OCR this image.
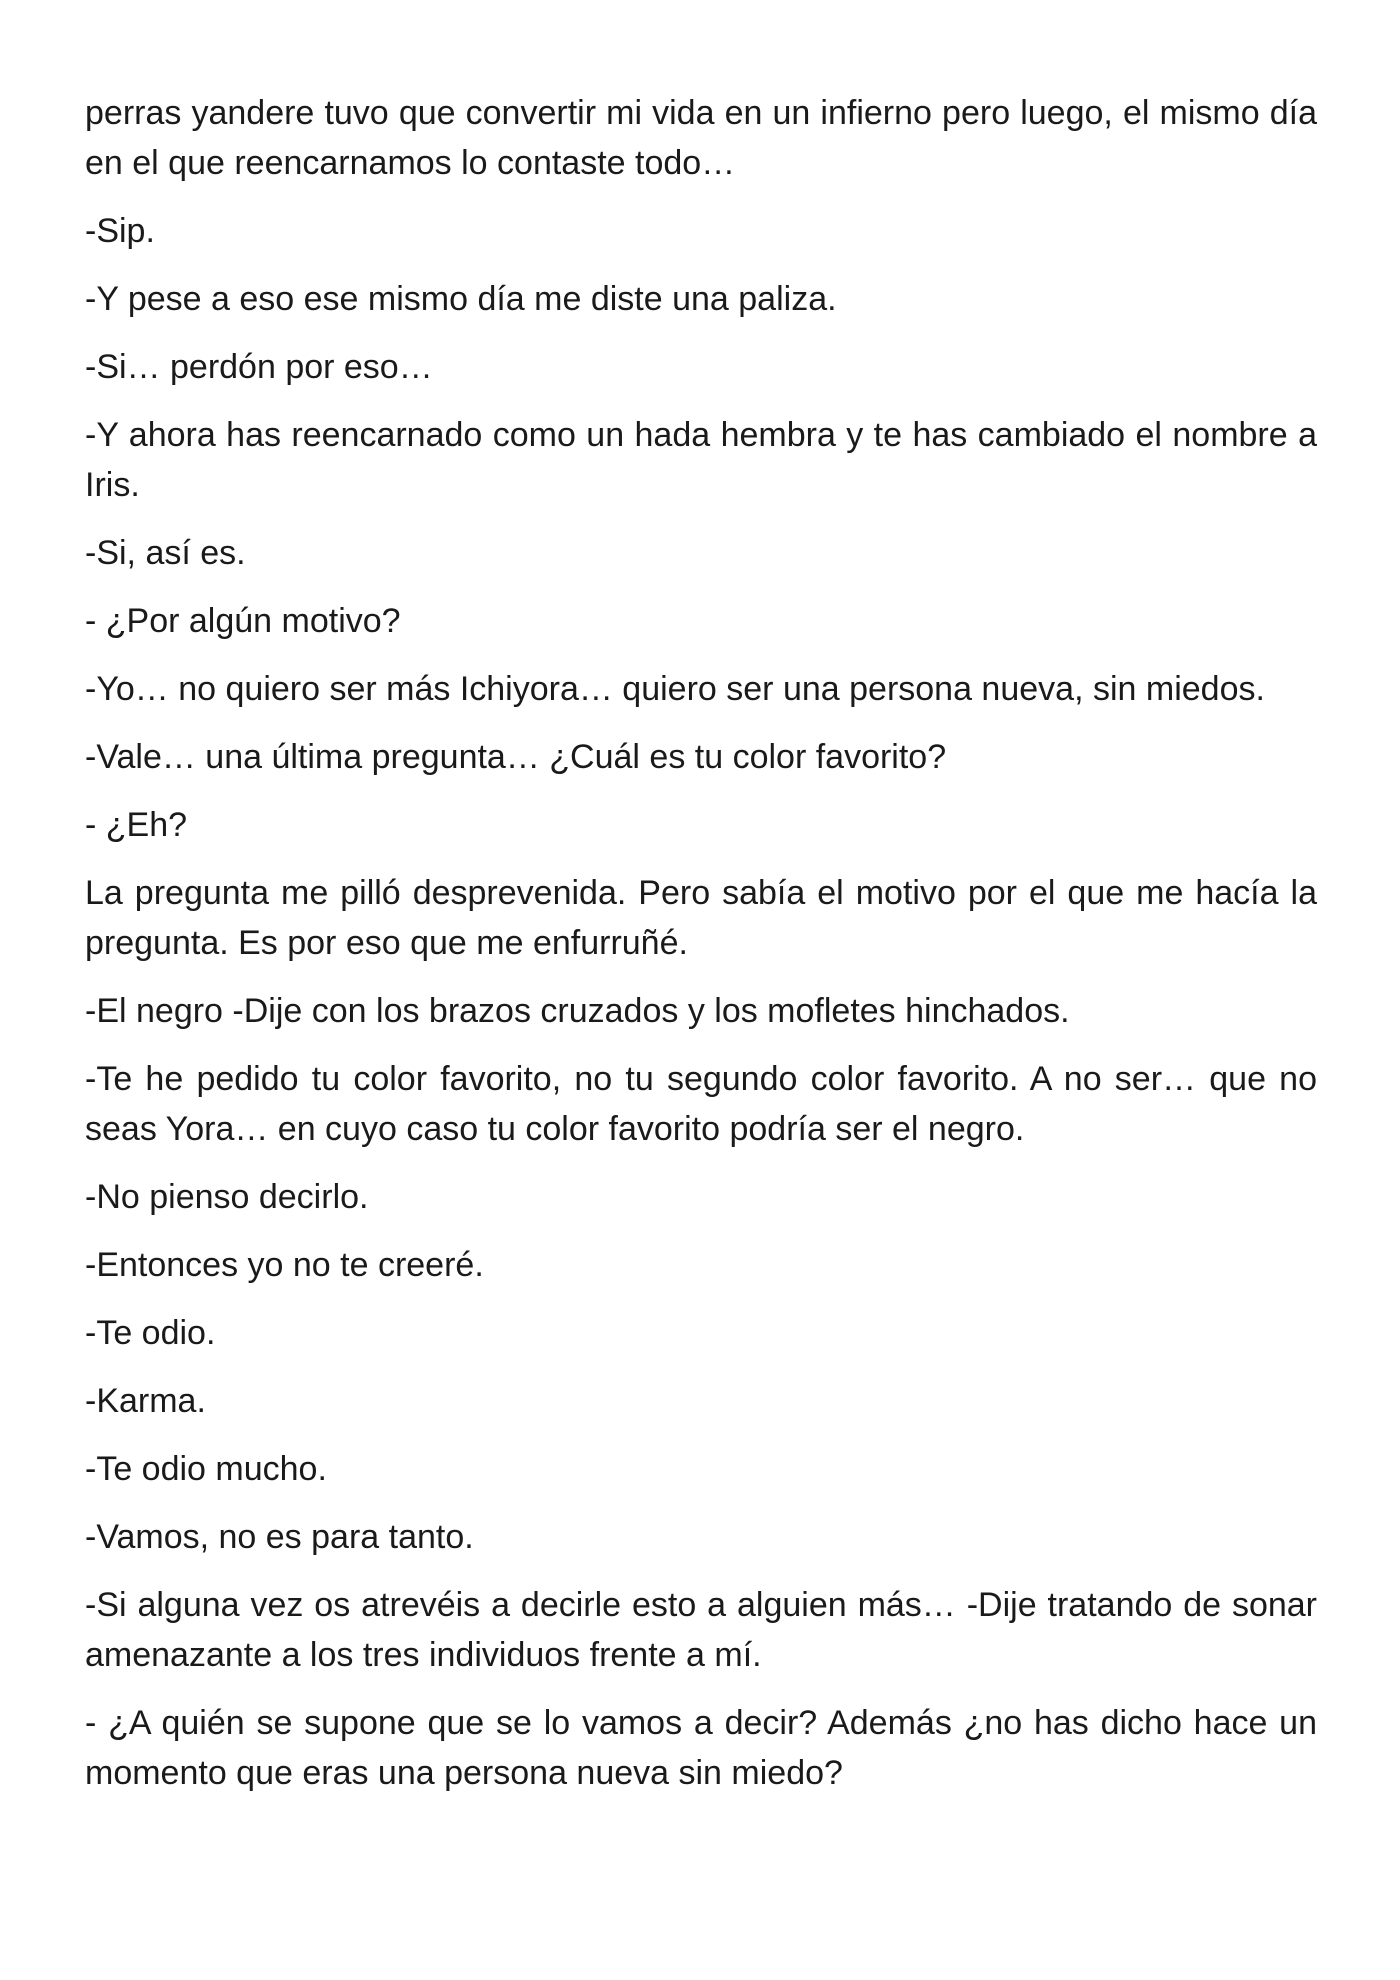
perras yandere tuvo que convertir mi vida en un infierno pero luego, el mismo día en el que reencarnamos lo contaste todo…

-Sip.

-Y pese a eso ese mismo día me diste una paliza.

-Si… perdón por eso…

-Y ahora has reencarnado como un hada hembra y te has cambiado el nombre a Iris.

-Si, así es.

- ¿Por algún motivo?

-Yo… no quiero ser más Ichiyora… quiero ser una persona nueva, sin miedos.

-Vale… una última pregunta… ¿Cuál es tu color favorito?

- ¿Eh?

La pregunta me pilló desprevenida. Pero sabía el motivo por el que me hacía la pregunta. Es por eso que me enfurruñé.

-El negro -Dije con los brazos cruzados y los mofletes hinchados.

-Te he pedido tu color favorito, no tu segundo color favorito. A no ser… que no seas Yora… en cuyo caso tu color favorito podría ser el negro.

-No pienso decirlo.

-Entonces yo no te creeré.

-Te odio.

-Karma.

-Te odio mucho.

-Vamos, no es para tanto.

-Si alguna vez os atrevéis a decirle esto a alguien más… -Dije tratando de sonar amenazante a los tres individuos frente a mí.

- ¿A quién se supone que se lo vamos a decir? Además ¿no has dicho hace un momento que eras una persona nueva sin miedo?
